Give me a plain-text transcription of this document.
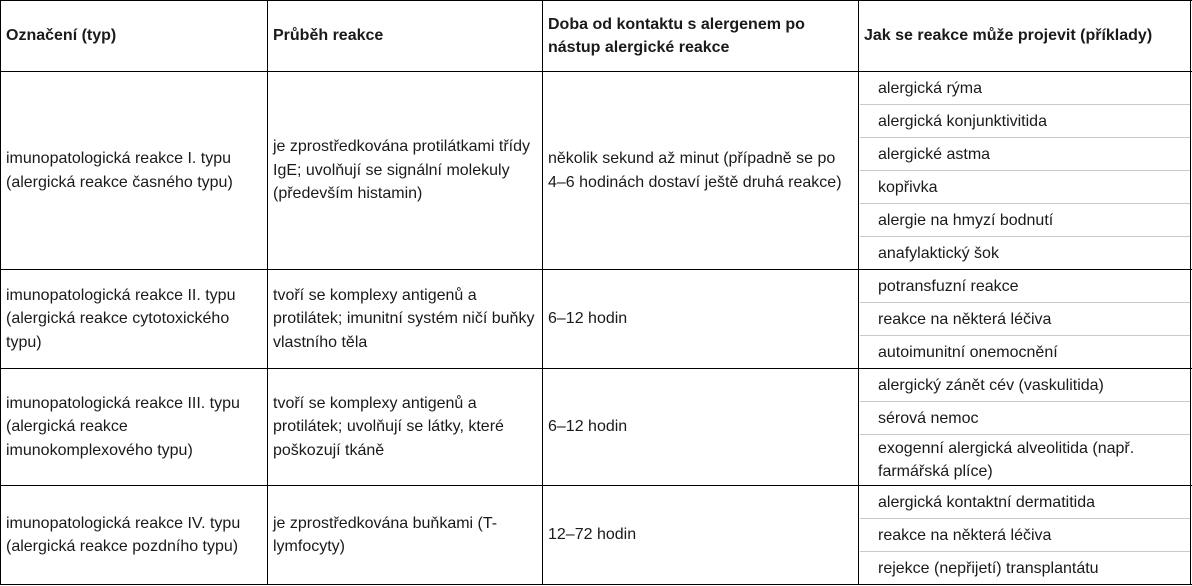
Označení (typ)	Průběh reakce
Doba od kontaktu s alergenem po nástup alergické reakce
Jak se reakce může projevit (příklady)
imunopatologická reakce I. typu (alergická reakce časného typu)
je zprostředkována protilátkami třídy IgE; uvolňují se signální molekuly (především histamin)
několik sekund až minut (případně se po 4–6 hodinách dostaví ještě druhá reakce)
alergická rýma
alergická konjunktivitida
alergické astma
kopřivka
alergie na hmyzí bodnutí
anafylaktický šok
imunopatologická reakce II. typu (alergická reakce cytotoxického typu)
tvoří se komplexy antigenů a protilátek; imunitní systém ničí buňky vlastního těla
6–12 hodin
potransfuzní reakce
reakce na některá léčiva
autoimunitní onemocnění
imunopatologická reakce III. typu (alergická reakce imunokomplexového typu)
tvoří se komplexy antigenů a protilátek; uvolňují se látky, které poškozují tkáně
6–12 hodin
alergický zánět cév (vaskulitida)
sérová nemoc
exogenní alergická alveolitida (např. farmářská plíce)
imunopatologická reakce IV. typu (alergická reakce pozdního typu)
je zprostředkována buňkami (T-lymfocyty)
12–72 hodin
alergická kontaktní dermatitida
reakce na některá léčiva
rejekce (nepřijetí) transplantátu
